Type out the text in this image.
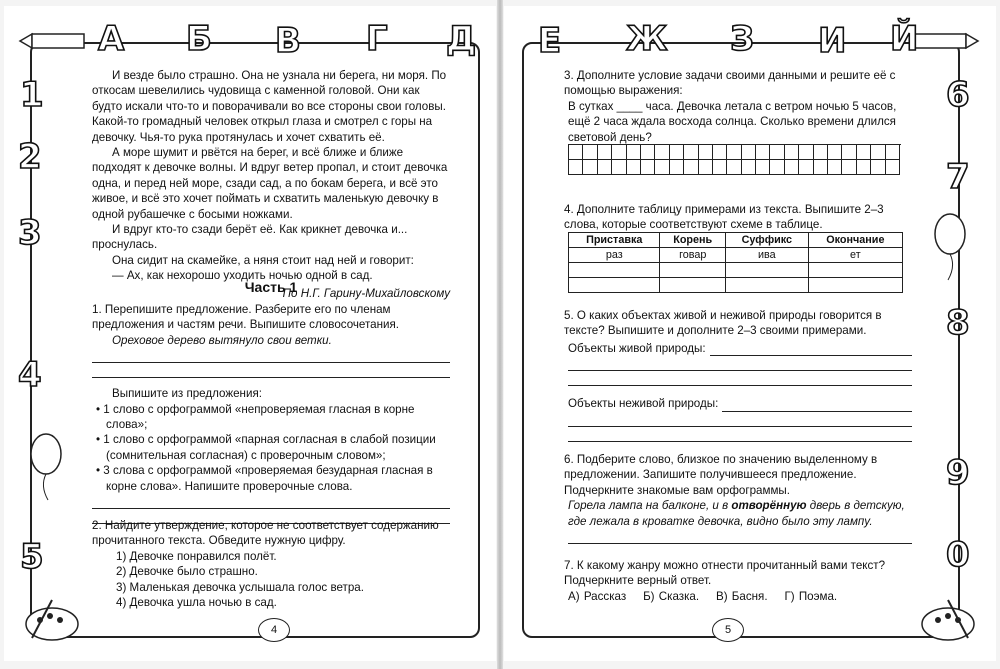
А Б В Г Д Е Ж З И Й
1
2
3
4
5
6
7
8
9
0

И везде было страшно. Она не узнала ни берега, ни моря. По откосам шевелились чудовища с каменной головой. Они как будто искали что-то и поворачивали во все стороны свои головы. Какой-то громадный человек открыл глаза и смотрел с горы на девочку. Чья-то рука протянулась и хочет схватить её.

А море шумит и рвётся на берег, и всё ближе и ближе подходят к девочке волны. И вдруг ветер пропал, и стоит девочка одна, и перед ней море, сзади сад, а по бокам берега, и всё это живое, и всё это хочет поймать и схватить маленькую девочку в одной рубашечке с босыми ножками.

И вдруг кто-то сзади берёт её. Как крикнет девочка и... проснулась.

Она сидит на скамейке, а няня стоит над ней и говорит:

— Ах, как нехорошо уходить ночью одной в сад.

По Н.Г. Гарину-Михайловскому

Часть 1

1. Перепишите предложение. Разберите его по членам предложения и частям речи. Выпишите словосочетания.

Ореховое дерево вытянуло свои ветки.

Выпишите из предложения:

• 1 слово с орфограммой «непроверяемая гласная в корне слова»;

• 1 слово с орфограммой «парная согласная в слабой позиции (сомнительная согласная) с проверочным словом»;

• 3 слова с орфограммой «проверяемая безударная гласная в корне слова». Напишите проверочные слова.

2. Найдите утверждение, которое не соответствует содержанию прочитанного текста. Обведите нужную цифру.

1) Девочке понравился полёт.

2) Девочке было страшно.

3) Маленькая девочка услышала голос ветра.

4) Девочка ушла ночью в сад.

4

3. Дополните условие задачи своими данными и решите её с помощью выражения:

В сутках ____ часа. Девочка летала с ветром ночью 5 часов, ещё 2 часа ждала восхода солнца. Сколько времени длился световой день?

4. Дополните таблицу примерами из текста. Выпишите 2–3 слова, которые соответствуют схеме в таблице.

Приставка	Корень	Суффикс	Окончание
раз	говар	ива	ет

5. О каких объектах живой и неживой природы говорится в тексте? Выпишите и дополните 2–3 своими примерами.

Объекты живой природы:
Объекты неживой природы:

6. Подберите слово, близкое по значению выделенному в предложении. Запишите получившееся предложение. Подчеркните знакомые вам орфограммы.

Горела лампа на балконе, и в отворённую дверь в детскую, где лежала в кроватке девочка, видно было эту лампу.

7. К какому жанру можно отнести прочитанный вами текст? Подчеркните верный ответ.

А) Рассказ Б) Сказка. В) Басня. Г) Поэма.

5
